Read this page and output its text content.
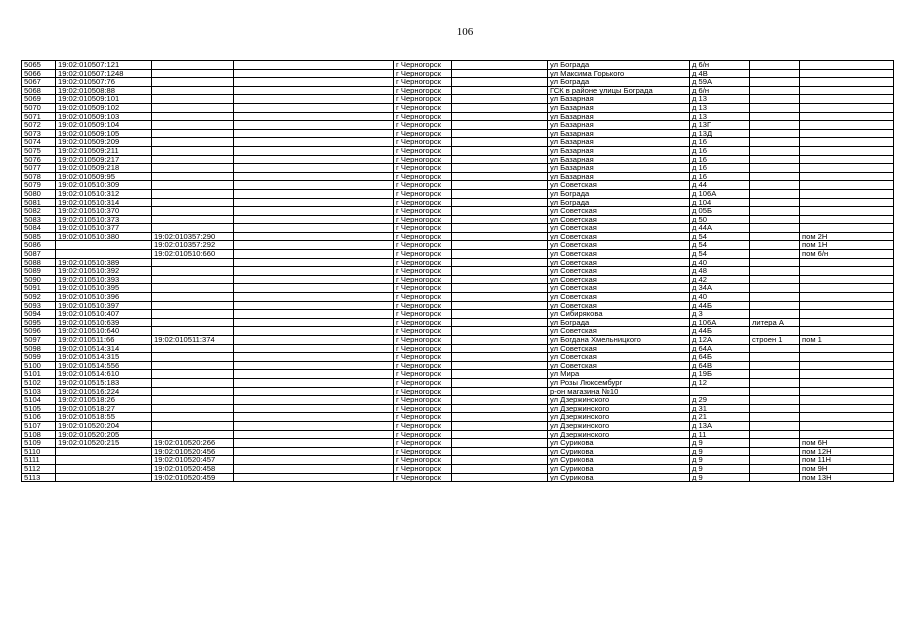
106
5065	19:02:010507:121			г Черногорск		ул Бограда	д 6/н		
5066	19:02:010507:1248			г Черногорск		ул Максима Горького	д 4В		
5067	19:02:010507:76			г Черногорск		ул Бограда	д 59А		
5068	19:02:010508:88			г Черногорск		ГСК в районе улицы Бограда	д 6/н		
5069	19:02:010509:101			г Черногорск		ул Базарная	д 13		
5070	19:02:010509:102			г Черногорск		ул Базарная	д 13		
5071	19:02:010509:103			г Черногорск		ул Базарная	д 13		
5072	19:02:010509:104			г Черногорск		ул Базарная	д 13Г		
5073	19:02:010509:105			г Черногорск		ул Базарная	д 13Д		
5074	19:02:010509:209			г Черногорск		ул Базарная	д 16		
5075	19:02:010509:211			г Черногорск		ул Базарная	д 16		
5076	19:02:010509:217			г Черногорск		ул Базарная	д 16		
5077	19:02:010509:218			г Черногорск		ул Базарная	д 16		
5078	19:02:010509:95			г Черногорск		ул Базарная	д 16		
5079	19:02:010510:309			г Черногорск		ул Советская	д 44		
5080	19:02:010510:312			г Черногорск		ул Бограда	д 106А		
5081	19:02:010510:314			г Черногорск		ул Бограда	д 104		
5082	19:02:010510:370			г Черногорск		ул Советская	д 05Б		
5083	19:02:010510:373			г Черногорск		ул Советская	д 50		
5084	19:02:010510:377			г Черногорск		ул Советская	д 44А		
5085	19:02:010510:380	19:02:010357:290		г Черногорск		ул Советская	д 54		пом 2Н
5086		19:02:010357:292		г Черногорск		ул Советская	д 54		пом 1Н
5087		19:02:010510:660		г Черногорск		ул Советская	д 54		пом 6/н
5088	19:02:010510:389			г Черногорск		ул Советская	д 40		
5089	19:02:010510:392			г Черногорск		ул Советская	д 48		
5090	19:02:010510:393			г Черногорск		ул Советская	д 42		
5091	19:02:010510:395			г Черногорск		ул Советская	д 34А		
5092	19:02:010510:396			г Черногорск		ул Советская	д 40		
5093	19:02:010510:397			г Черногорск		ул Советская	д 44Б		
5094	19:02:010510:407			г Черногорск		ул Сибирякова	д 3		
5095	19:02:010510:639			г Черногорск		ул Бограда	д 106А	литера А	
5096	19:02:010510:640			г Черногорск		ул Советская	д 44Б		
5097	19:02:010511:66	19:02:010511:374		г Черногорск		ул Богдана Хмельницкого	д 12А	строен 1	пом 1
5098	19:02:010514:314			г Черногорск		ул Советская	д 64А		
5099	19:02:010514:315			г Черногорск		ул Советская	д 64Б		
5100	19:02:010514:556			г Черногорск		ул Советская	д 64В		
5101	19:02:010514:610			г Черногорск		ул Мира	д 19Б		
5102	19:02:010515:183			г Черногорск		ул Розы Люксембург	д 12		
5103	19:02:010516:224			г Черногорск		р-он магазина №10			
5104	19:02:010518:26			г Черногорск		ул Дзержинского	д 29		
5105	19:02:010518:27			г Черногорск		ул Дзержинского	д 31		
5106	19:02:010518:55			г Черногорск		ул Дзержинского	д 21		
5107	19:02:010520:204			г Черногорск		ул Дзержинского	д 13А		
5108	19:02:010520:205			г Черногорск		ул Дзержинского	д 11		
5109	19:02:010520:215	19:02:010520:266		г Черногорск		ул Сурикова	д 9		пом 6Н
5110		19:02:010520:456		г Черногорск		ул Сурикова	д 9		пом 12Н
5111		19:02:010520:457		г Черногорск		ул Сурикова	д 9		пом 11Н
5112		19:02:010520:458		г Черногорск		ул Сурикова	д 9		пом 9Н
5113		19:02:010520:459		г Черногорск		ул Сурикова	д 9		пом 13Н
